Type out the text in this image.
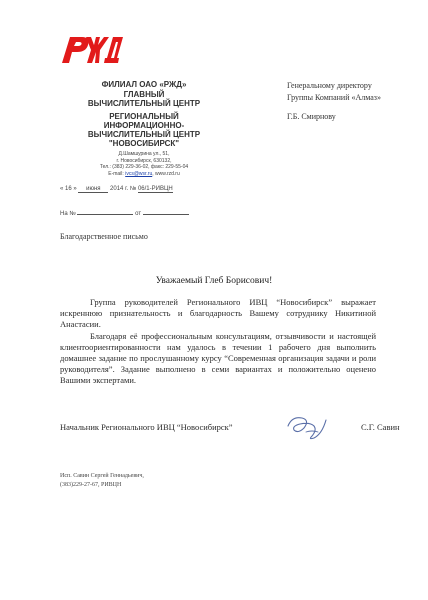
ФИЛИАЛ ОАО «РЖД»
ГЛАВНЫЙ
ВЫЧИСЛИТЕЛЬНЫЙ ЦЕНТР
РЕГИОНАЛЬНЫЙ
ИНФОРМАЦИОННО-
ВЫЧИСЛИТЕЛЬНЫЙ ЦЕНТР
"НОВОСИБИРСК"
Д.Шамшурина ул., 51,
г. Новосибирск, 630132,
Тел.: (383) 229-36-02, факс: 229-55-04
E-mail: ivcs@wsr.ru, www.rzd.ru
« 16 » июня 2014 г. № 06/1-РИВЦН
На №	от
Генеральному директору
Группы Компаний «Алмаз»
Г.Б. Смирнову
Благодарственное письмо
Уважаемый Глеб Борисович!

Группа руководителей Регионального ИВЦ “Новосибирск” выражает искреннюю признательность и благодарность Вашему сотруднику Никитиной Анастасии.

Благодаря её профессиональным консультациям, отзывчивости и настоящей клиентоориентированности нам удалось в течении 1 рабочего дня выполнить домашнее задание по прослушанному курсу “Современная организация задачи и роли руководителя”. Задание выполнено в семи вариантах и положительно оценено Вашими экспертами.

Начальник Регионального ИВЦ “Новосибирск”	С.Г. Савин
Исп. Савин Сергей Геннадьевич,
(383)229-27-67, РИВЦН
